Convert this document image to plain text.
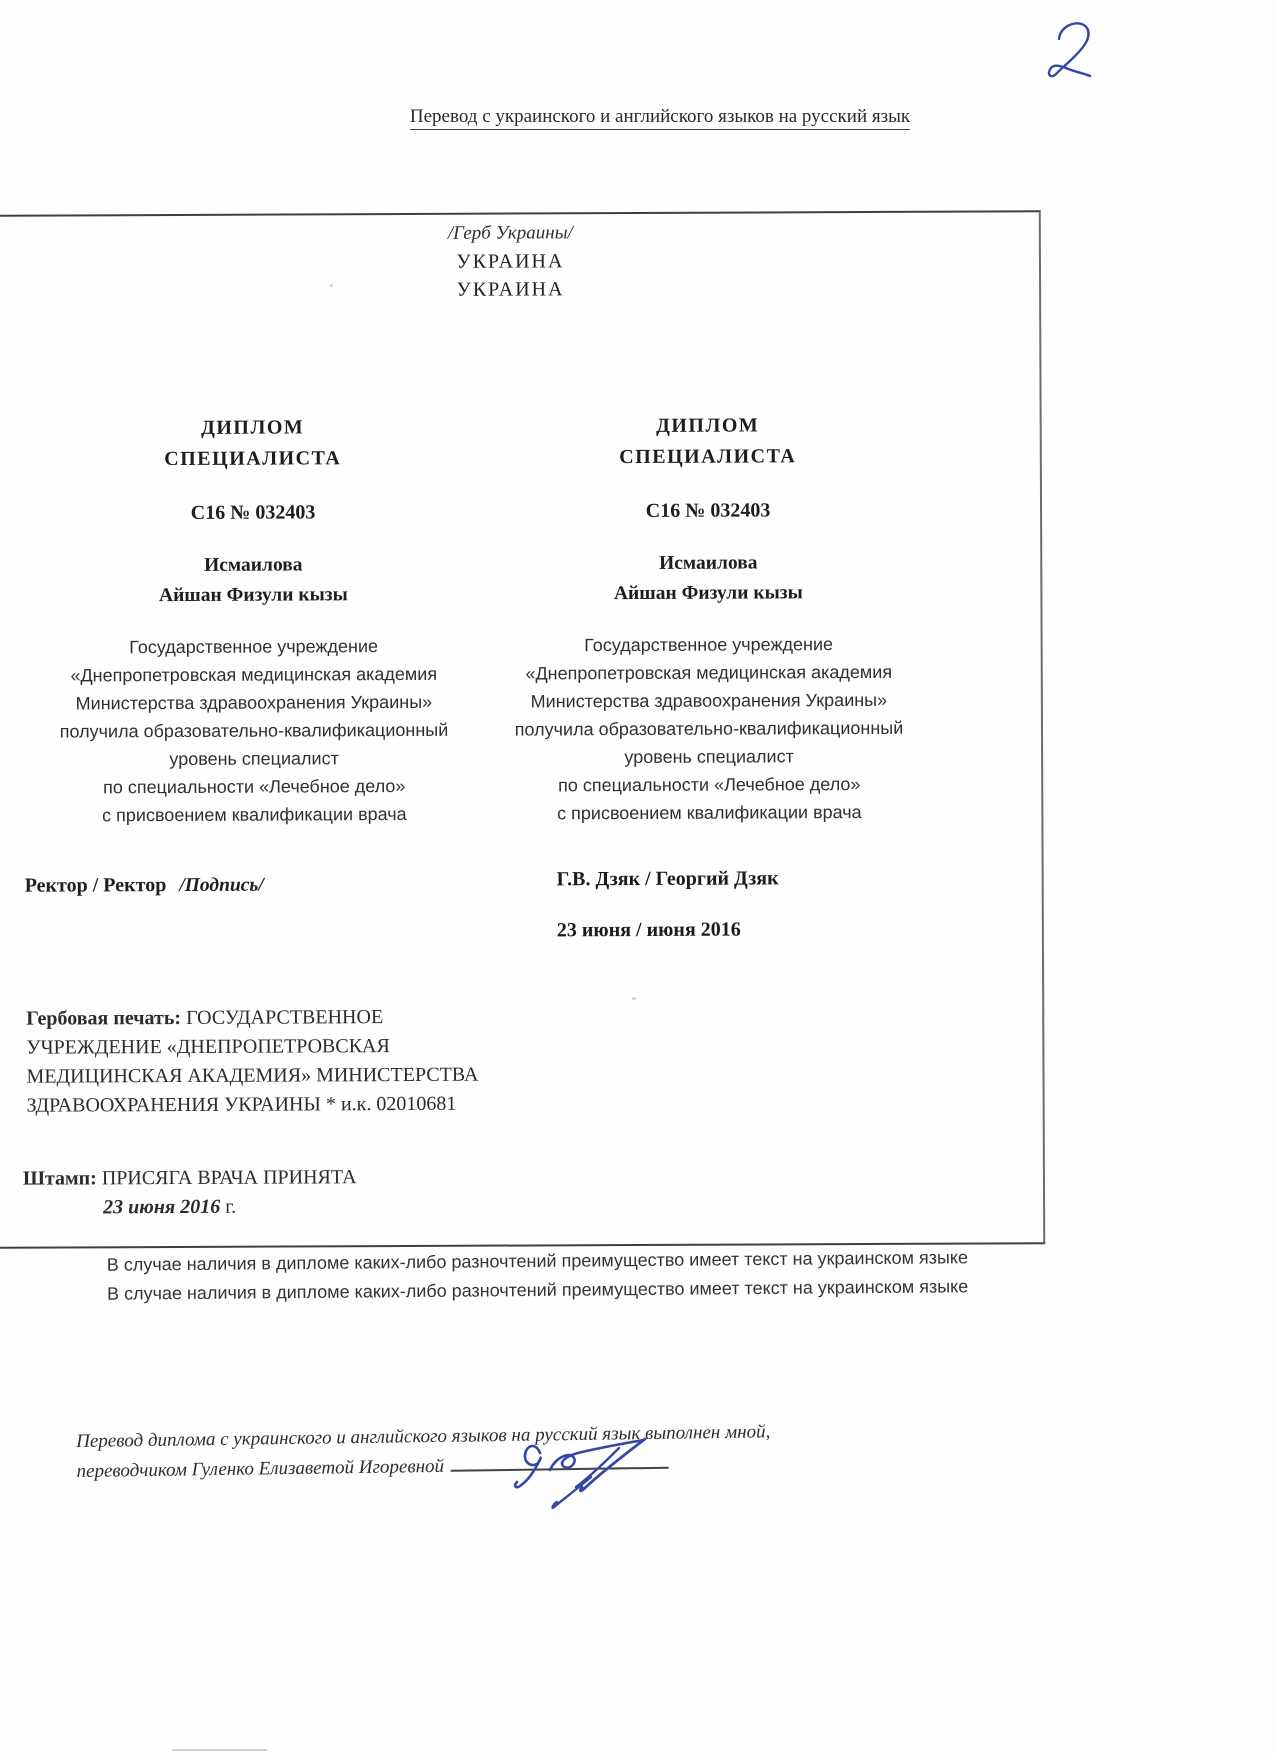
Перевод с украинского и английского языков на русский язык
/Герб Украины/
УКРАИНА
УКРАИНА
ДИПЛОМ
СПЕЦИАЛИСТА
С16 № 032403
Исмаилова
Айшан Физули кызы
Государственное учреждение
«Днепропетровская медицинская академия
Министерства здравоохранения Украины»
получила образовательно-квалификационный
уровень специалист
по специальности «Лечебное дело»
с присвоением квалификации врача
ДИПЛОМ
СПЕЦИАЛИСТА
С16 № 032403
Исмаилова
Айшан Физули кызы
Государственное учреждение
«Днепропетровская медицинская академия
Министерства здравоохранения Украины»
получила образовательно-квалификационный
уровень специалист
по специальности «Лечебное дело»
с присвоением квалификации врача
Ректор / Ректор /Подпись/	Г.В. Дзяк / Георгий Дзяк
23 июня / июня 2016
Гербовая печать: ГОСУДАРСТВЕННОЕ УЧРЕЖДЕНИЕ «ДНЕПРОПЕТРОВСКАЯ МЕДИЦИНСКАЯ АКАДЕМИЯ» МИНИСТЕРСТВА ЗДРАВООХРАНЕНИЯ УКРАИНЫ * и.к. 02010681
Штамп: ПРИСЯГА ВРАЧА ПРИНЯТА
23 июня 2016 г.
В случае наличия в дипломе каких-либо разночтений преимущество имеет текст на украинском языке
В случае наличия в дипломе каких-либо разночтений преимущество имеет текст на украинском языке
Перевод диплома с украинского и английского языков на русский язык выполнен мной,
переводчиком Гуленко Елизаветой Игоревной
